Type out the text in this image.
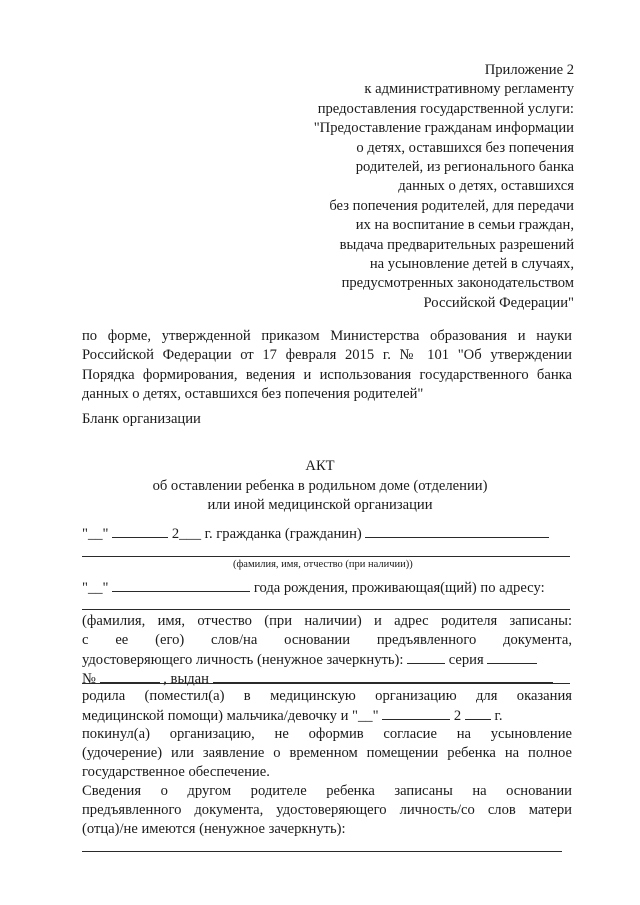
Приложение 2
к административному регламенту
предоставления государственной услуги:
"Предоставление гражданам информации
о детях, оставшихся без попечения
родителей, из регионального банка
данных о детях, оставшихся
без попечения родителей, для передачи
их на воспитание в семьи граждан,
выдача предварительных разрешений
на усыновление детей в случаях,
предусмотренных законодательством
Российской Федерации"
по форме, утвержденной приказом Министерства образования и науки
Российской Федерации от 17 февраля 2015 г. № 101 "Об утверждении
Порядка формирования, ведения и использования государственного банка
данных о детях, оставшихся без попечения родителей"
Бланк организации
АКТ
об оставлении ребенка в родильном доме (отделении)
или иной медицинской организации
"__"	2___ г. гражданка (гражданин)
(фамилия, имя, отчество (при наличии))
"__"	года рождения, проживающая(щий) по адресу:
(фамилия, имя, отчество (при наличии) и адрес родителя записаны:
с ее (его) слов/на основании предъявленного документа,
удостоверяющего личность (ненужное зачеркнуть):	серия
№	, выдан
родила (поместил(а) в медицинскую организацию для оказания
медицинской помощи) мальчика/девочку и "__"	2 г.
покинул(а) организацию, не оформив согласие на усыновление
(удочерение) или заявление о временном помещении ребенка на полное
государственное обеспечение.
Сведения о другом родителе ребенка записаны на основании
предъявленного документа, удостоверяющего личность/со слов матери
(отца)/не имеются (ненужное зачеркнуть):
